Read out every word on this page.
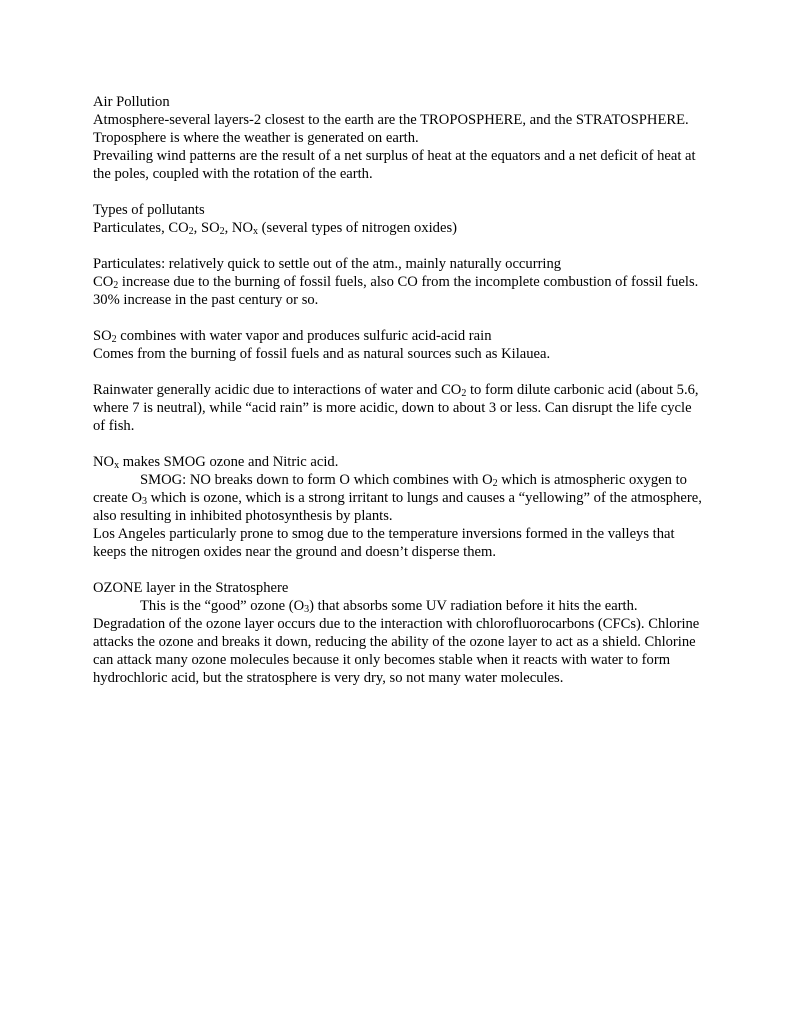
Air Pollution

Atmosphere-several layers-2 closest to the earth are the TROPOSPHERE, and the STRATOSPHERE.

Troposphere is where the weather is generated on earth.

Prevailing wind patterns are the result of a net surplus of heat at the equators and a net deficit of heat at the poles, coupled with the rotation of the earth.

Types of pollutants

Particulates, $CO_2$, $SO_2$, $NO_x$ (several types of nitrogen oxides)

Particulates: relatively quick to settle out of the atm., mainly naturally occurring

$CO_2$ increase due to the burning of fossil fuels, also CO from the incomplete combustion of fossil fuels. 30% increase in the past century or so.

$SO_2$ combines with water vapor and produces sulfuric acid-acid rain

Comes from the burning of fossil fuels and as natural sources such as Kilauea.

Rainwater generally acidic due to interactions of water and $CO_2$ to form dilute carbonic acid (about 5.6, where 7 is neutral), while “acid rain” is more acidic, down to about 3 or less. Can disrupt the life cycle of fish.

$NO_x$ makes SMOG ozone and Nitric acid.

SMOG: NO breaks down to form O which combines with $O_2$ which is atmospheric oxygen to create $O_3$ which is ozone, which is a strong irritant to lungs and causes a “yellowing” of the atmosphere, also resulting in inhibited photosynthesis by plants.

Los Angeles particularly prone to smog due to the temperature inversions formed in the valleys that keeps the nitrogen oxides near the ground and doesn’t disperse them.

OZONE layer in the Stratosphere

This is the “good” ozone $(O_3)$ that absorbs some UV radiation before it hits the earth. Degradation of the ozone layer occurs due to the interaction with chlorofluorocarbons (CFCs). Chlorine attacks the ozone and breaks it down, reducing the ability of the ozone layer to act as a shield. Chlorine can attack many ozone molecules because it only becomes stable when it reacts with water to form hydrochloric acid, but the stratosphere is very dry, so not many water molecules.
